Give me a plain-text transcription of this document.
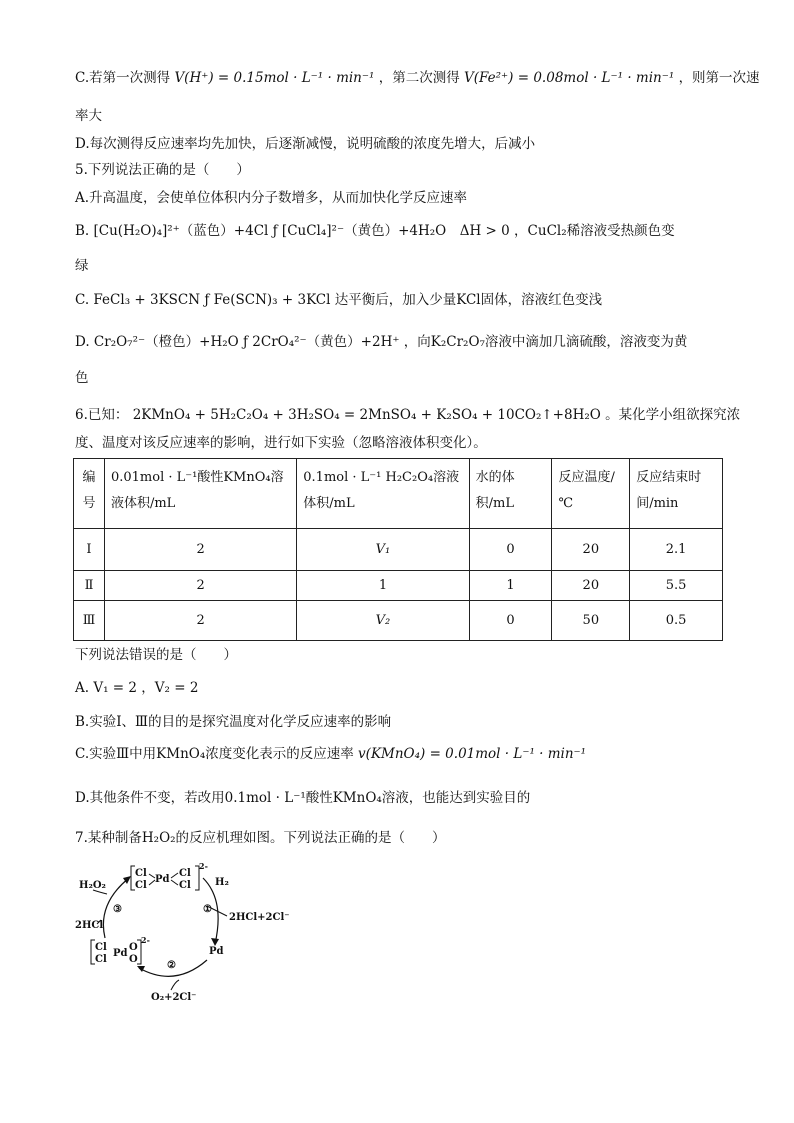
C.若第一次测得 V(H⁺) = 0.15mol · L⁻¹ · min⁻¹ ，第二次测得 V(Fe²⁺) = 0.08mol · L⁻¹ · min⁻¹ ，则第一次速
率大
D.每次测得反应速率均先加快，后逐渐减慢，说明硫酸的浓度先增大，后减小
5.下列说法正确的是（　　）
A.升高温度，会使单位体积内分子数增多，从而加快化学反应速率
B. [Cu(H₂O)₄]²⁺（蓝色）+4Cl ƒ [CuCl₄]²⁻（黄色）+4H₂O　ΔH > 0 ，CuCl₂稀溶液受热颜色变
绿
C. FeCl₃ + 3KSCN ƒ Fe(SCN)₃ + 3KCl 达平衡后，加入少量KCl固体，溶液红色变浅
D. Cr₂O₇²⁻（橙色）+H₂O ƒ 2CrO₄²⁻（黄色）+2H⁺ ，向K₂Cr₂O₇溶液中滴加几滴硫酸，溶液变为黄
色
6.已知： 2KMnO₄ + 5H₂C₂O₄ + 3H₂SO₄ = 2MnSO₄ + K₂SO₄ + 10CO₂↑+8H₂O 。某化学小组欲探究浓
度、温度对该反应速率的影响，进行如下实验（忽略溶液体积变化）。
编号	0.01mol · L⁻¹酸性KMnO₄溶液体积/mL	0.1mol · L⁻¹ H₂C₂O₄溶液体积/mL	水的体积/mL	反应温度/℃	反应结束时间/min
Ⅰ	2	V₁	0	20	2.1
Ⅱ	2	1	1	20	5.5
Ⅲ	2	V₂	0	50	0.5
下列说法错误的是（　　）
A. V₁ = 2 ，V₂ = 2
B.实验Ⅰ、Ⅲ的目的是探究温度对化学反应速率的影响
C.实验Ⅲ中用KMnO₄浓度变化表示的反应速率 v(KMnO₄) = 0.01mol · L⁻¹ · min⁻¹
D.其他条件不变，若改用0.1mol · L⁻¹酸性KMnO₄溶液，也能达到实验目的
7.某种制备H₂O₂的反应机理如图。下列说法正确的是（　　）
Cl
Cl
Pd
Cl
Cl
2-
H₂O₂
2HCl
③
H₂
①
2HCl+2Cl⁻
Pd
Cl
Cl
Pd
O
O
2-
②
O₂+2Cl⁻
